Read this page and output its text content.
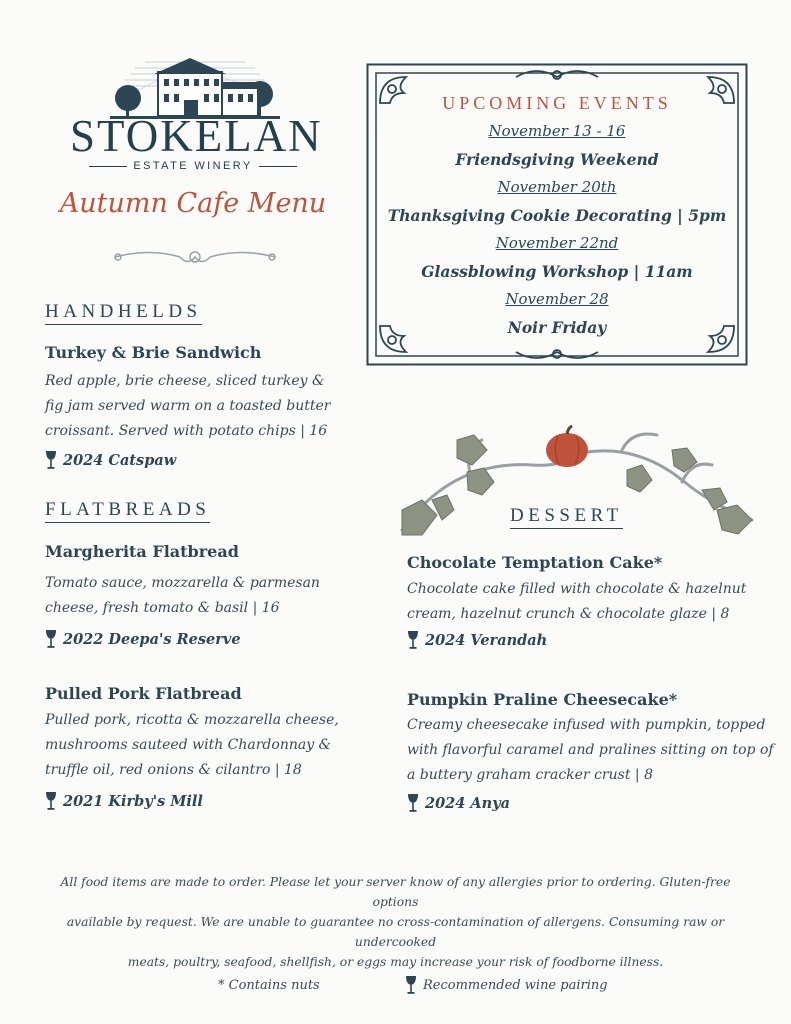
STOKELAN
ESTATE WINERY
Autumn Cafe Menu
UPCOMING EVENTS
November 13 - 16
Friendsgiving Weekend
November 20th
Thanksgiving Cookie Decorating | 5pm
November 22nd
Glassblowing Workshop | 11am
November 28
Noir Friday
HANDHELDS
Turkey & Brie Sandwich
Red apple, brie cheese, sliced turkey &
fig jam served warm on a toasted butter
croissant. Served with potato chips | 16
2024 Catspaw
FLATBREADS
Margherita Flatbread
Tomato sauce, mozzarella & parmesan
cheese, fresh tomato & basil | 16
2022 Deepa's Reserve
Pulled Pork Flatbread
Pulled pork, ricotta & mozzarella cheese,
mushrooms sauteed with Chardonnay &
truffle oil, red onions & cilantro | 18
2021 Kirby's Mill
DESSERT
Chocolate Temptation Cake*
Chocolate cake filled with chocolate & hazelnut
cream, hazelnut crunch & chocolate glaze | 8
2024 Verandah
Pumpkin Praline Cheesecake*
Creamy cheesecake infused with pumpkin, topped
with flavorful caramel and pralines sitting on top of
a buttery graham cracker crust | 8
2024 Anya
All food items are made to order. Please let your server know of any allergies prior to ordering. Gluten-free options
available by request. We are unable to guarantee no cross-contamination of allergens. Consuming raw or undercooked
meats, poultry, seafood, shellfish, or eggs may increase your risk of foodborne illness.
* Contains nuts	Recommended wine pairing
